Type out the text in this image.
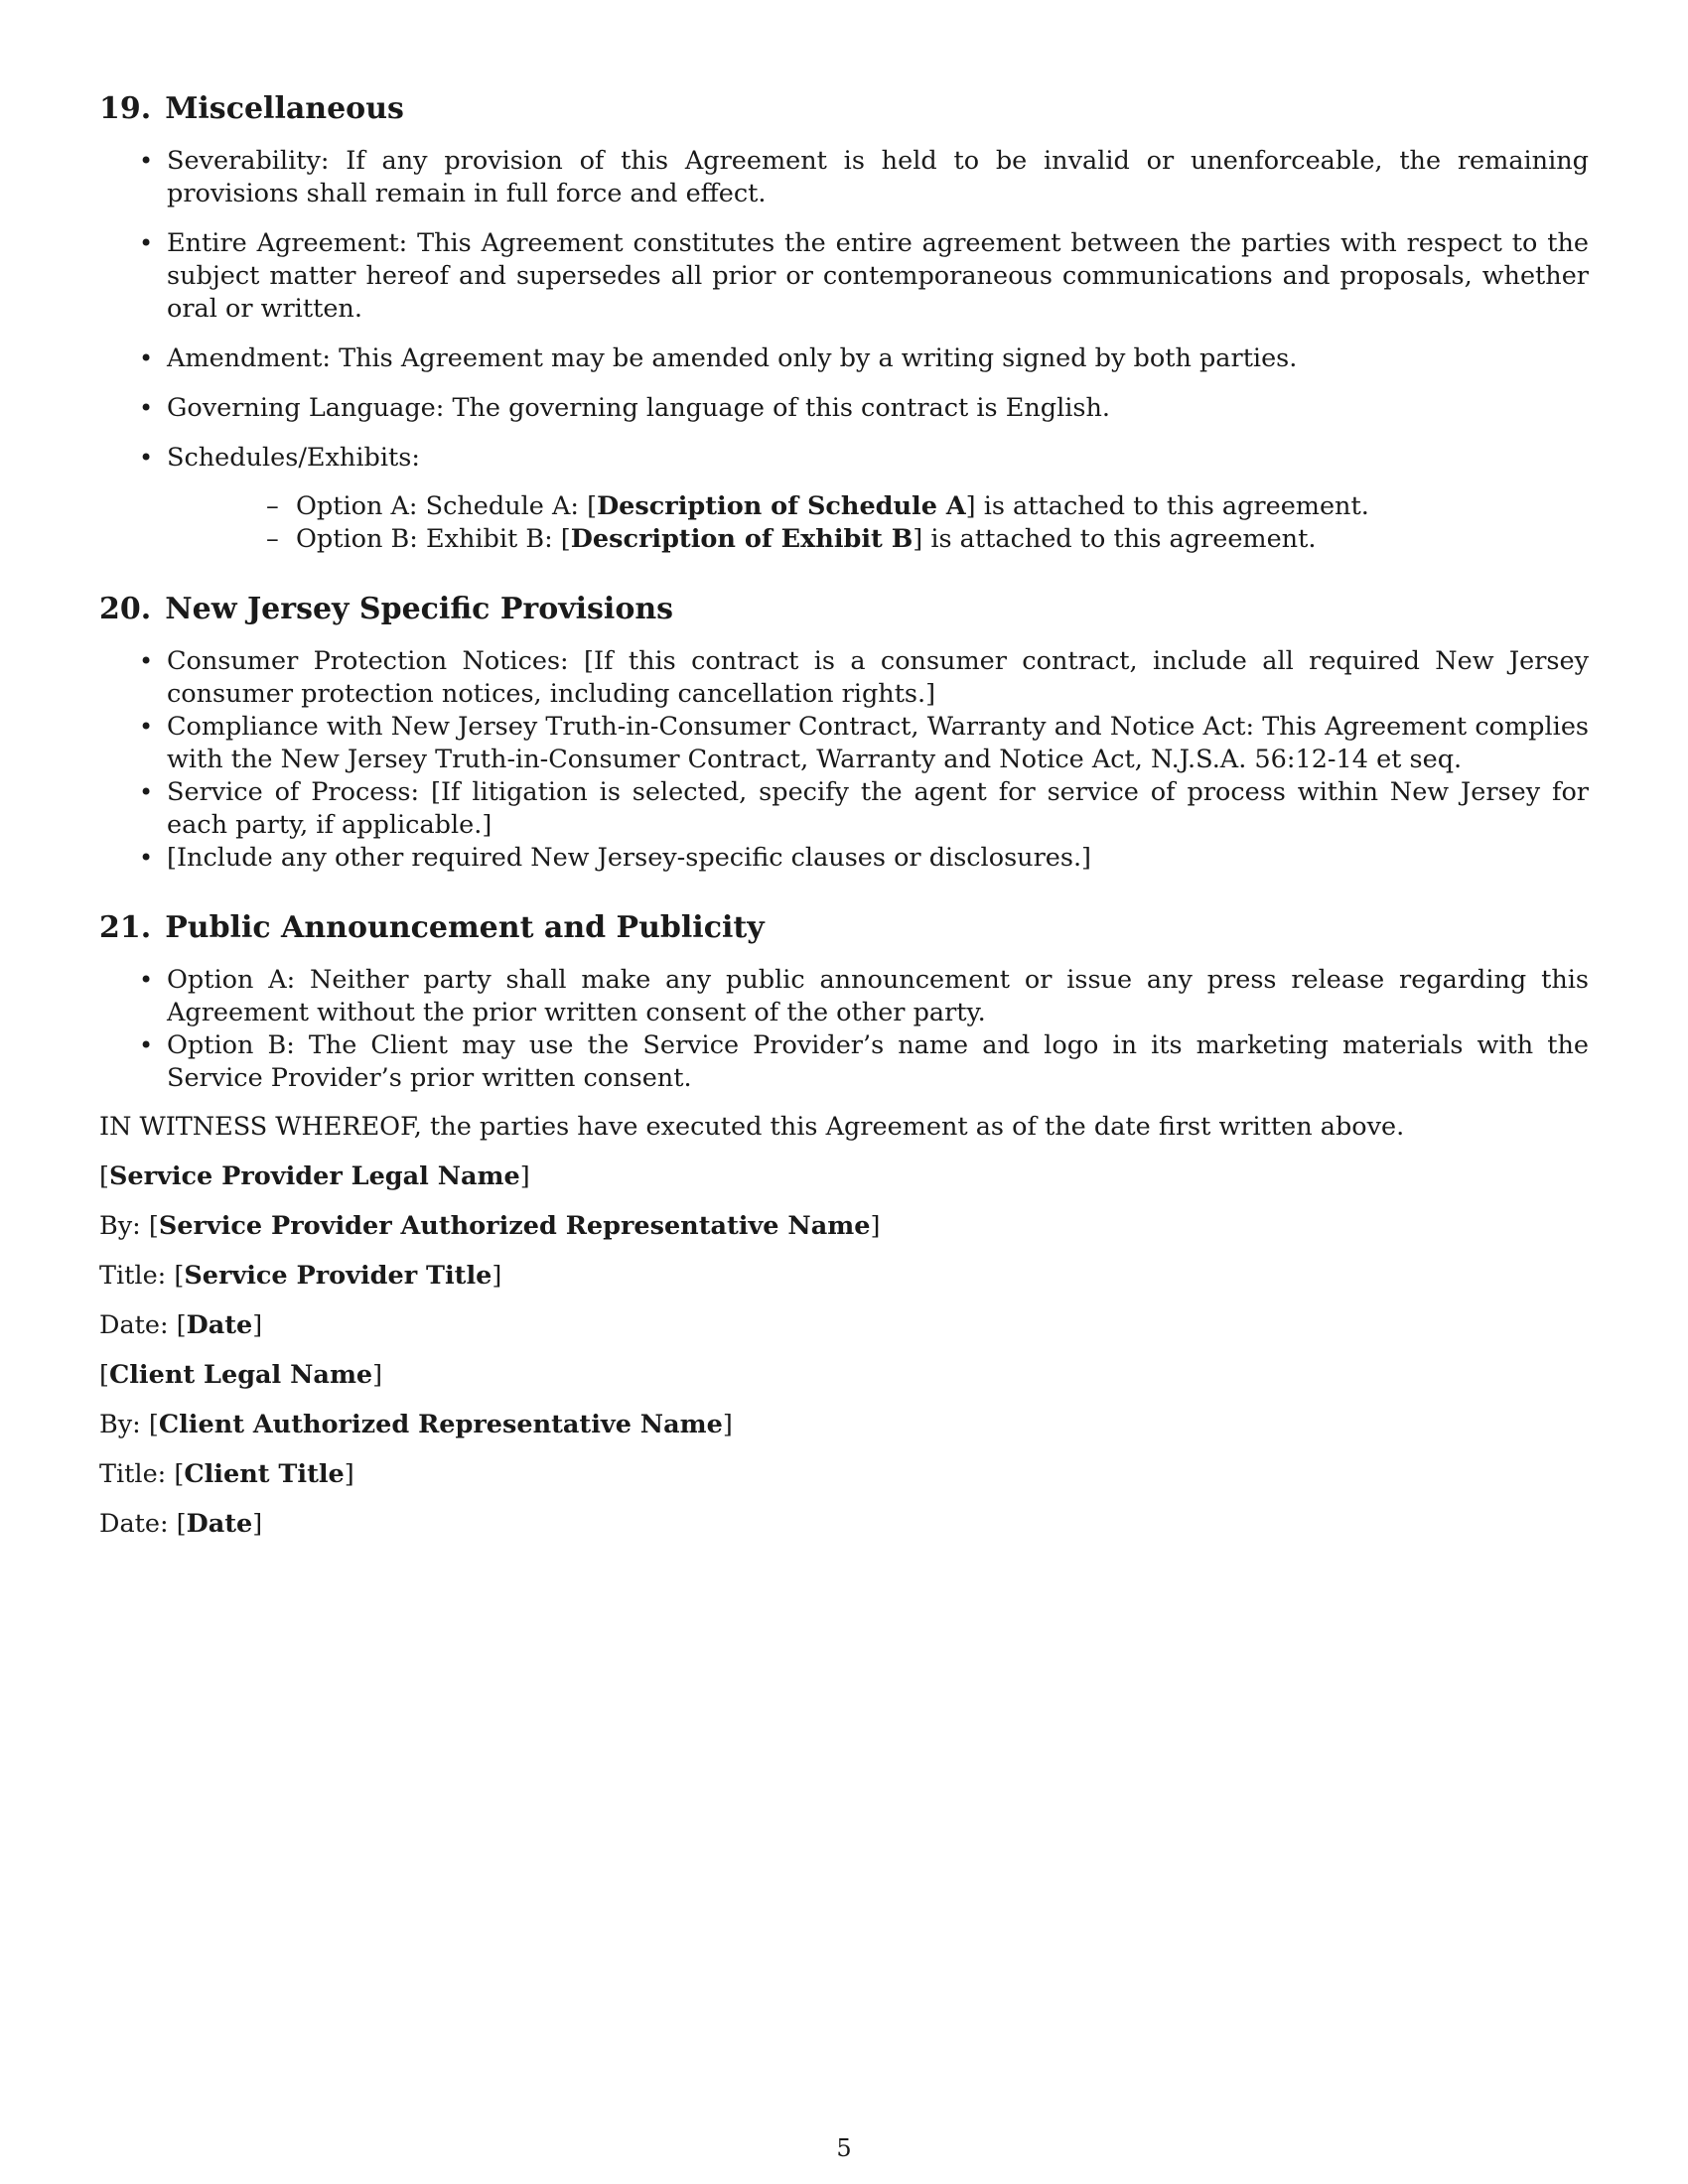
19. Miscellaneous
• Severability: If any provision of this Agreement is held to be invalid or unenforceable, the remaining provisions shall remain in full force and effect.
• Entire Agreement: This Agreement constitutes the entire agreement between the parties with respect to the subject matter hereof and supersedes all prior or contemporaneous communications and proposals, whether oral or written.
• Amendment: This Agreement may be amended only by a writing signed by both parties.
• Governing Language: The governing language of this contract is English.
• Schedules/Exhibits:
– Option A: Schedule A: [Description of Schedule A] is attached to this agreement.
– Option B: Exhibit B: [Description of Exhibit B] is attached to this agreement.
20. New Jersey Specific Provisions
• Consumer Protection Notices: [If this contract is a consumer contract, include all required New Jersey consumer protection notices, including cancellation rights.]
• Compliance with New Jersey Truth-in-Consumer Contract, Warranty and Notice Act: This Agreement complies with the New Jersey Truth-in-Consumer Contract, Warranty and Notice Act, N.J.S.A. 56:12-14 et seq.
• Service of Process: [If litigation is selected, specify the agent for service of process within New Jersey for each party, if applicable.]
• [Include any other required New Jersey-specific clauses or disclosures.]
21. Public Announcement and Publicity
• Option A: Neither party shall make any public announcement or issue any press release regarding this Agreement without the prior written consent of the other party.
• Option B: The Client may use the Service Provider’s name and logo in its marketing materials with the Service Provider’s prior written consent.

IN WITNESS WHEREOF, the parties have executed this Agreement as of the date first written above.

[Service Provider Legal Name]

By: [Service Provider Authorized Representative Name]

Title: [Service Provider Title]

Date: [Date]

[Client Legal Name]

By: [Client Authorized Representative Name]

Title: [Client Title]

Date: [Date]

5
